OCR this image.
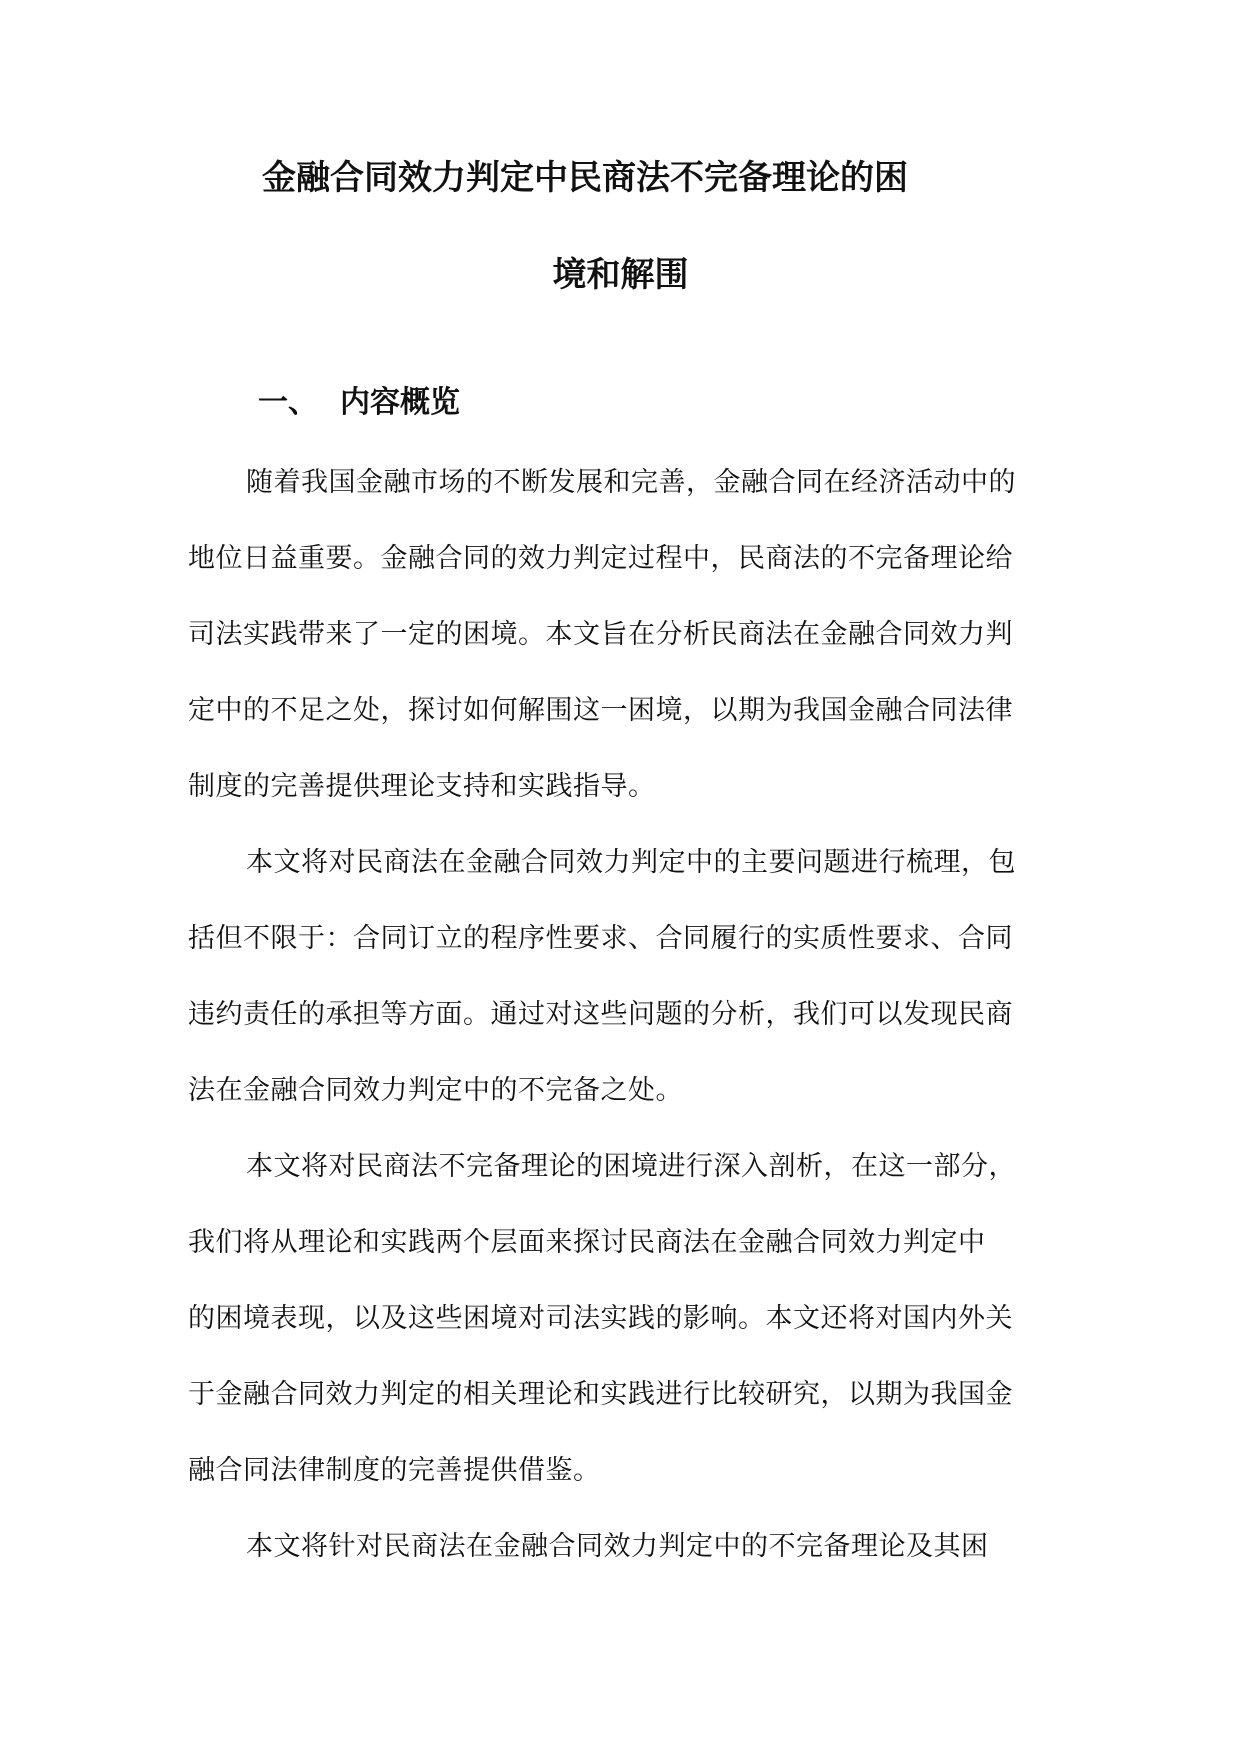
金融合同效力判定中民商法不完备理论的困
境和解围
一、 内容概览
随着我国金融市场的不断发展和完善，金融合同在经济活动中的
地位日益重要。金融合同的效力判定过程中，民商法的不完备理论给
司法实践带来了一定的困境。本文旨在分析民商法在金融合同效力判
定中的不足之处，探讨如何解围这一困境，以期为我国金融合同法律
制度的完善提供理论支持和实践指导。
本文将对民商法在金融合同效力判定中的主要问题进行梳理，包
括但不限于：合同订立的程序性要求、合同履行的实质性要求、合同
违约责任的承担等方面。通过对这些问题的分析，我们可以发现民商
法在金融合同效力判定中的不完备之处。
本文将对民商法不完备理论的困境进行深入剖析，在这一部分，
我们将从理论和实践两个层面来探讨民商法在金融合同效力判定中
的困境表现，以及这些困境对司法实践的影响。本文还将对国内外关
于金融合同效力判定的相关理论和实践进行比较研究，以期为我国金
融合同法律制度的完善提供借鉴。
本文将针对民商法在金融合同效力判定中的不完备理论及其困
